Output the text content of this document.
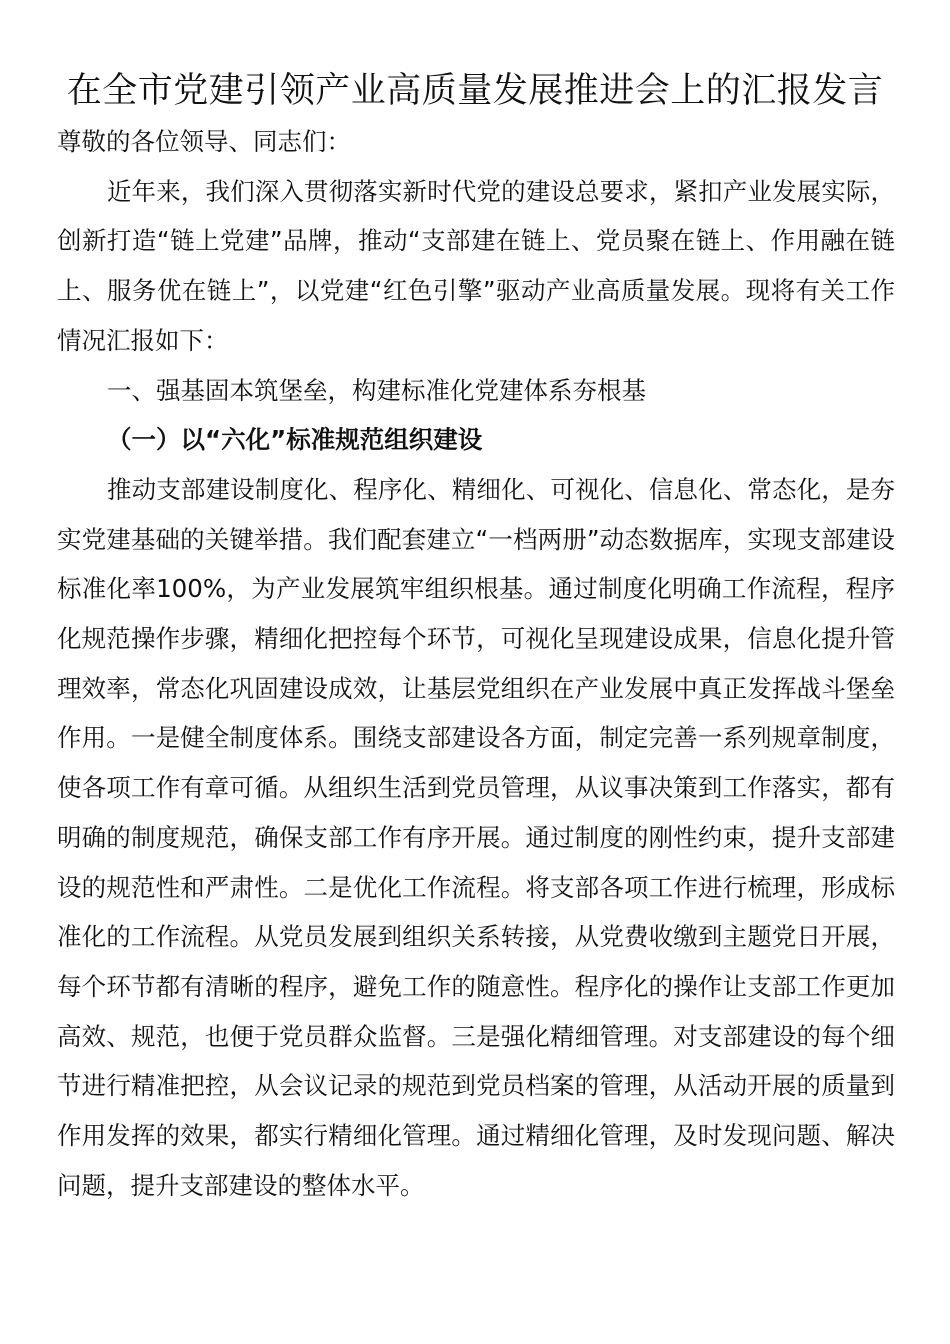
在全市党建引领产业高质量发展推进会上的汇报发言

尊敬的各位领导、同志们：

近年来，我们深入贯彻落实新时代党的建设总要求，紧扣产业发展实际，创新打造“链上党建”品牌，推动“支部建在链上、党员聚在链上、作用融在链上、服务优在链上”，以党建“红色引擎”驱动产业高质量发展。现将有关工作情况汇报如下：

一、强基固本筑堡垒，构建标准化党建体系夯根基

（一）以“六化”标准规范组织建设

推动支部建设制度化、程序化、精细化、可视化、信息化、常态化，是夯实党建基础的关键举措。我们配套建立“一档两册”动态数据库，实现支部建设标准化率100%，为产业发展筑牢组织根基。通过制度化明确工作流程，程序化规范操作步骤，精细化把控每个环节，可视化呈现建设成果，信息化提升管理效率，常态化巩固建设成效，让基层党组织在产业发展中真正发挥战斗堡垒作用。一是健全制度体系。围绕支部建设各方面，制定完善一系列规章制度，使各项工作有章可循。从组织生活到党员管理，从议事决策到工作落实，都有明确的制度规范，确保支部工作有序开展。通过制度的刚性约束，提升支部建设的规范性和严肃性。二是优化工作流程。将支部各项工作进行梳理，形成标准化的工作流程。从党员发展到组织关系转接，从党费收缴到主题党日开展，每个环节都有清晰的程序，避免工作的随意性。程序化的操作让支部工作更加高效、规范，也便于党员群众监督。三是强化精细管理。对支部建设的每个细节进行精准把控，从会议记录的规范到党员档案的管理，从活动开展的质量到作用发挥的效果，都实行精细化管理。通过精细化管理，及时发现问题、解决问题，提升支部建设的整体水平。
